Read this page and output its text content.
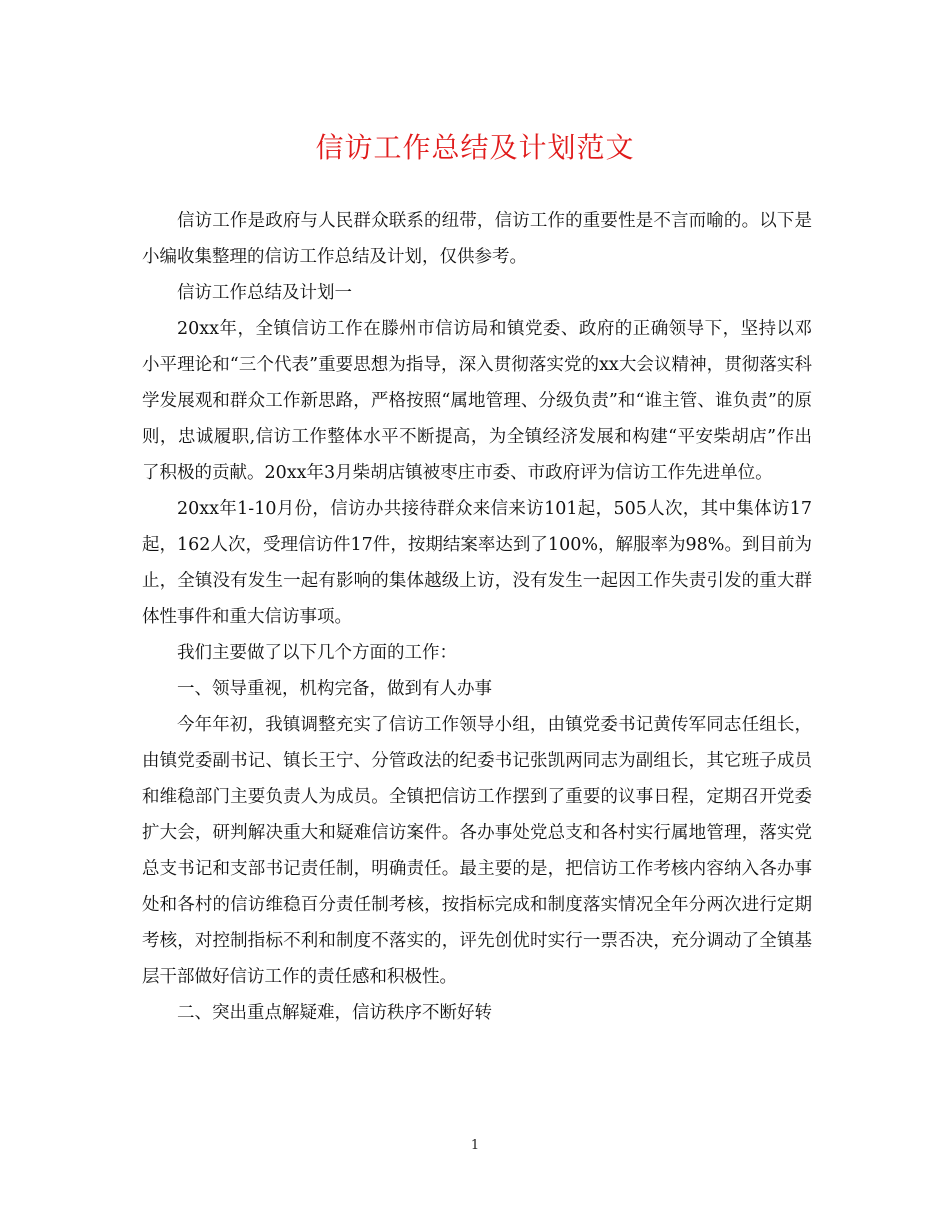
信访工作总结及计划范文

信访工作是政府与人民群众联系的纽带，信访工作的重要性是不言而喻的。以下是小编收集整理的信访工作总结及计划，仅供参考。

信访工作总结及计划一

20xx年，全镇信访工作在滕州市信访局和镇党委、政府的正确领导下，坚持以邓小平理论和“三个代表”重要思想为指导，深入贯彻落实党的xx大会议精神，贯彻落实科学发展观和群众工作新思路，严格按照“属地管理、分级负责”和“谁主管、谁负责”的原则，忠诚履职,信访工作整体水平不断提高，为全镇经济发展和构建“平安柴胡店”作出了积极的贡献。20xx年3月柴胡店镇被枣庄市委、市政府评为信访工作先进单位。

20xx年1-10月份，信访办共接待群众来信来访101起，505人次，其中集体访17起，162人次，受理信访件17件，按期结案率达到了100%，解服率为98%。到目前为止，全镇没有发生一起有影响的集体越级上访，没有发生一起因工作失责引发的重大群体性事件和重大信访事项。

我们主要做了以下几个方面的工作：

一、领导重视，机构完备，做到有人办事

今年年初，我镇调整充实了信访工作领导小组，由镇党委书记黄传军同志任组长，由镇党委副书记、镇长王宁、分管政法的纪委书记张凯两同志为副组长，其它班子成员和维稳部门主要负责人为成员。全镇把信访工作摆到了重要的议事日程，定期召开党委扩大会，研判解决重大和疑难信访案件。各办事处党总支和各村实行属地管理，落实党总支书记和支部书记责任制，明确责任。最主要的是，把信访工作考核内容纳入各办事处和各村的信访维稳百分责任制考核，按指标完成和制度落实情况全年分两次进行定期考核，对控制指标不利和制度不落实的，评先创优时实行一票否决，充分调动了全镇基层干部做好信访工作的责任感和积极性。

二、突出重点解疑难，信访秩序不断好转

1
